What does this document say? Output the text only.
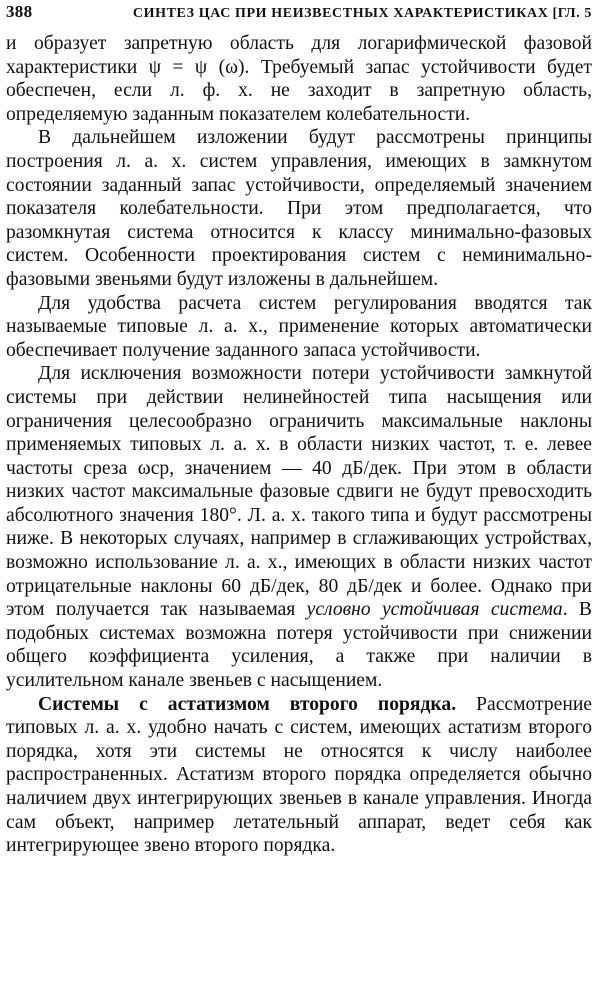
388	СИНТЕЗ ЦАС ПРИ НЕИЗВЕСТНЫХ ХАРАКТЕРИСТИКАХ [ГЛ. 5

и образует запретную область для логарифмической фазовой характеристики ψ = ψ (ω). Требуемый запас устойчивости будет обеспечен, если л. ф. х. не заходит в запретную область, определяемую заданным показателем колебательности.

В дальнейшем изложении будут рассмотрены принципы построения л. а. х. систем управления, имеющих в замкнутом состоянии заданный запас устойчивости, определяемый значением показателя колебательности. При этом предполагается, что разомкнутая система относится к классу минимально-фазовых систем. Особенности проектирования систем с неминимально-фазовыми звеньями будут изложены в дальнейшем.

Для удобства расчета систем регулирования вводятся так называемые типовые л. а. х., применение которых автоматически обеспечивает получение заданного запаса устойчивости.

Для исключения возможности потери устойчивости замкнутой системы при действии нелинейностей типа насыщения или ограничения целесообразно ограничить максимальные наклоны применяемых типовых л. а. х. в области низких частот, т. е. левее частоты среза ωср, значением — 40 дБ/дек. При этом в области низких частот максимальные фазовые сдвиги не будут превосходить абсолютного значения 180°. Л. а. х. такого типа и будут рассмотрены ниже. В некоторых случаях, например в сглаживающих устройствах, возможно использование л. а. х., имеющих в области низких частот отрицательные наклоны 60 дБ/дек, 80 дБ/дек и более. Однако при этом получается так называемая условно устойчивая система. В подобных системах возможна потеря устойчивости при снижении общего коэффициента усиления, а также при наличии в усилительном канале звеньев с насыщением.

Системы с астатизмом второго порядка. Рассмотрение типовых л. а. х. удобно начать с систем, имеющих астатизм второго порядка, хотя эти системы не относятся к числу наиболее распространенных. Астатизм второго порядка определяется обычно наличием двух интегрирующих звеньев в канале управления. Иногда сам объект, например летательный аппарат, ведет себя как интегрирующее звено второго порядка.
